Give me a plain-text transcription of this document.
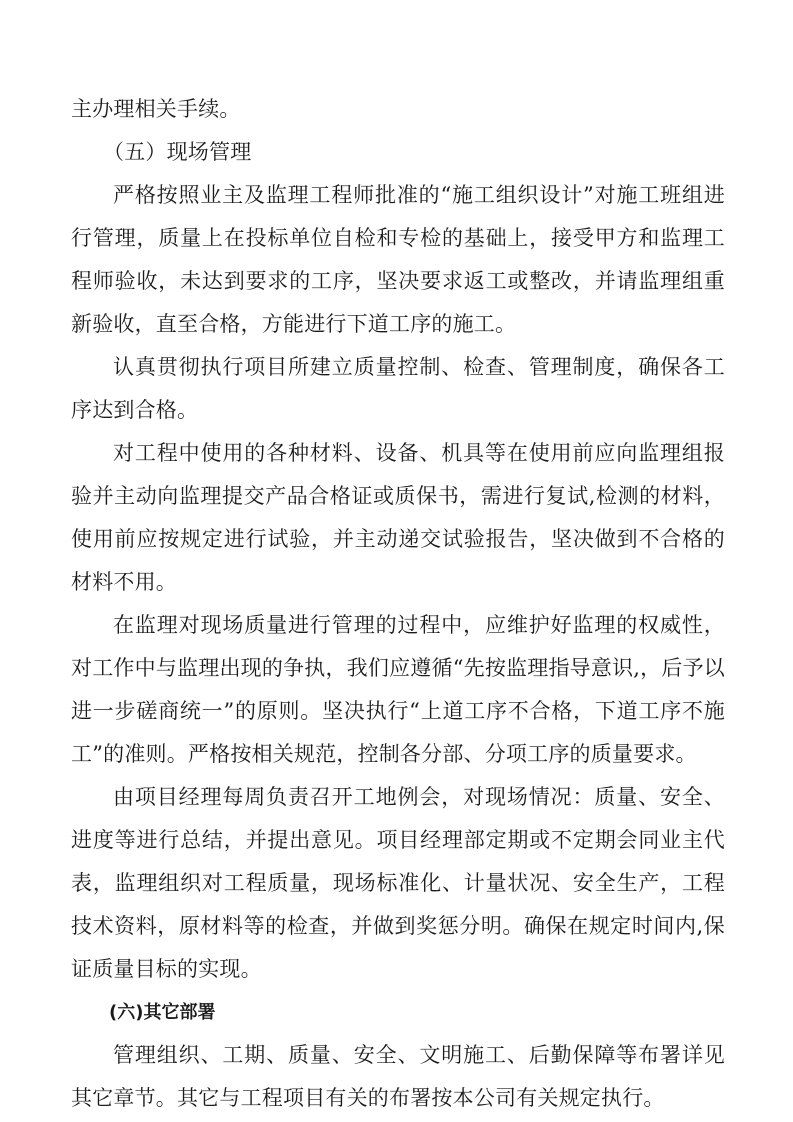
主办理相关手续。

（五）现场管理

严格按照业主及监理工程师批准的“施工组织设计”对施工班组进行管理，质量上在投标单位自检和专检的基础上，接受甲方和监理工程师验收，未达到要求的工序，坚决要求返工或整改，并请监理组重新验收，直至合格，方能进行下道工序的施工。

认真贯彻执行项目所建立质量控制、检查、管理制度，确保各工序达到合格。

对工程中使用的各种材料、设备、机具等在使用前应向监理组报验并主动向监理提交产品合格证或质保书，需进行复试,检测的材料，使用前应按规定进行试验，并主动递交试验报告，坚决做到不合格的材料不用。

在监理对现场质量进行管理的过程中，应维护好监理的权威性，对工作中与监理出现的争执，我们应遵循“先按监理指导意识,，后予以进一步磋商统一”的原则。坚决执行“上道工序不合格，下道工序不施工”的准则。严格按相关规范，控制各分部、分项工序的质量要求。

由项目经理每周负责召开工地例会，对现场情况：质量、安全、进度等进行总结，并提出意见。项目经理部定期或不定期会同业主代表，监理组织对工程质量，现场标准化、计量状况、安全生产，工程技术资料，原材料等的检查，并做到奖惩分明。确保在规定时间内,保证质量目标的实现。

(六)其它部署

管理组织、工期、质量、安全、文明施工、后勤保障等布署详见其它章节。其它与工程项目有关的布署按本公司有关规定执行。
